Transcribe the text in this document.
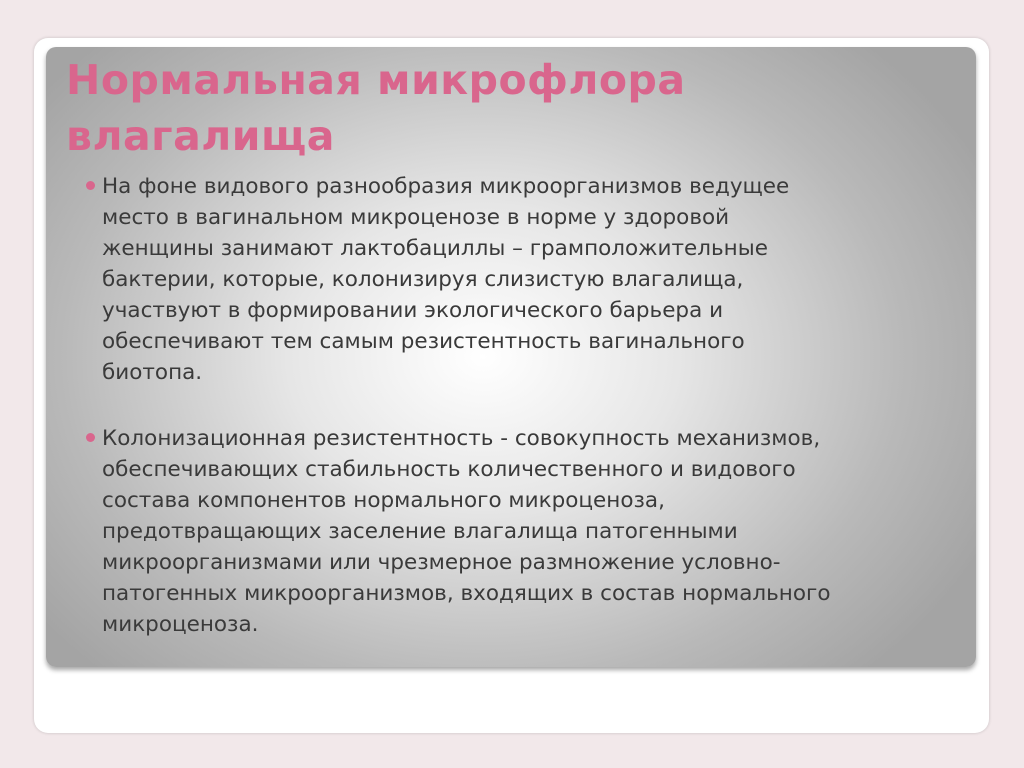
Нормальная микрофлора
влагалища
На фоне видового разнообразия микроорганизмов ведущее
место в вагинальном микроценозе в норме у здоровой
женщины занимают лактобациллы – грамположительные
бактерии, которые, колонизируя слизистую влагалища,
участвуют в формировании экологического барьера и
обеспечивают тем самым резистентность вагинального
биотопа.
Колонизационная резистентность - совокупность механизмов,
обеспечивающих стабильность количественного и видового
состава компонентов нормального микроценоза,
предотвращающих заселение влагалища патогенными
микроорганизмами или чрезмерное размножение условно-
патогенных микроорганизмов, входящих в состав нормального
микроценоза.
